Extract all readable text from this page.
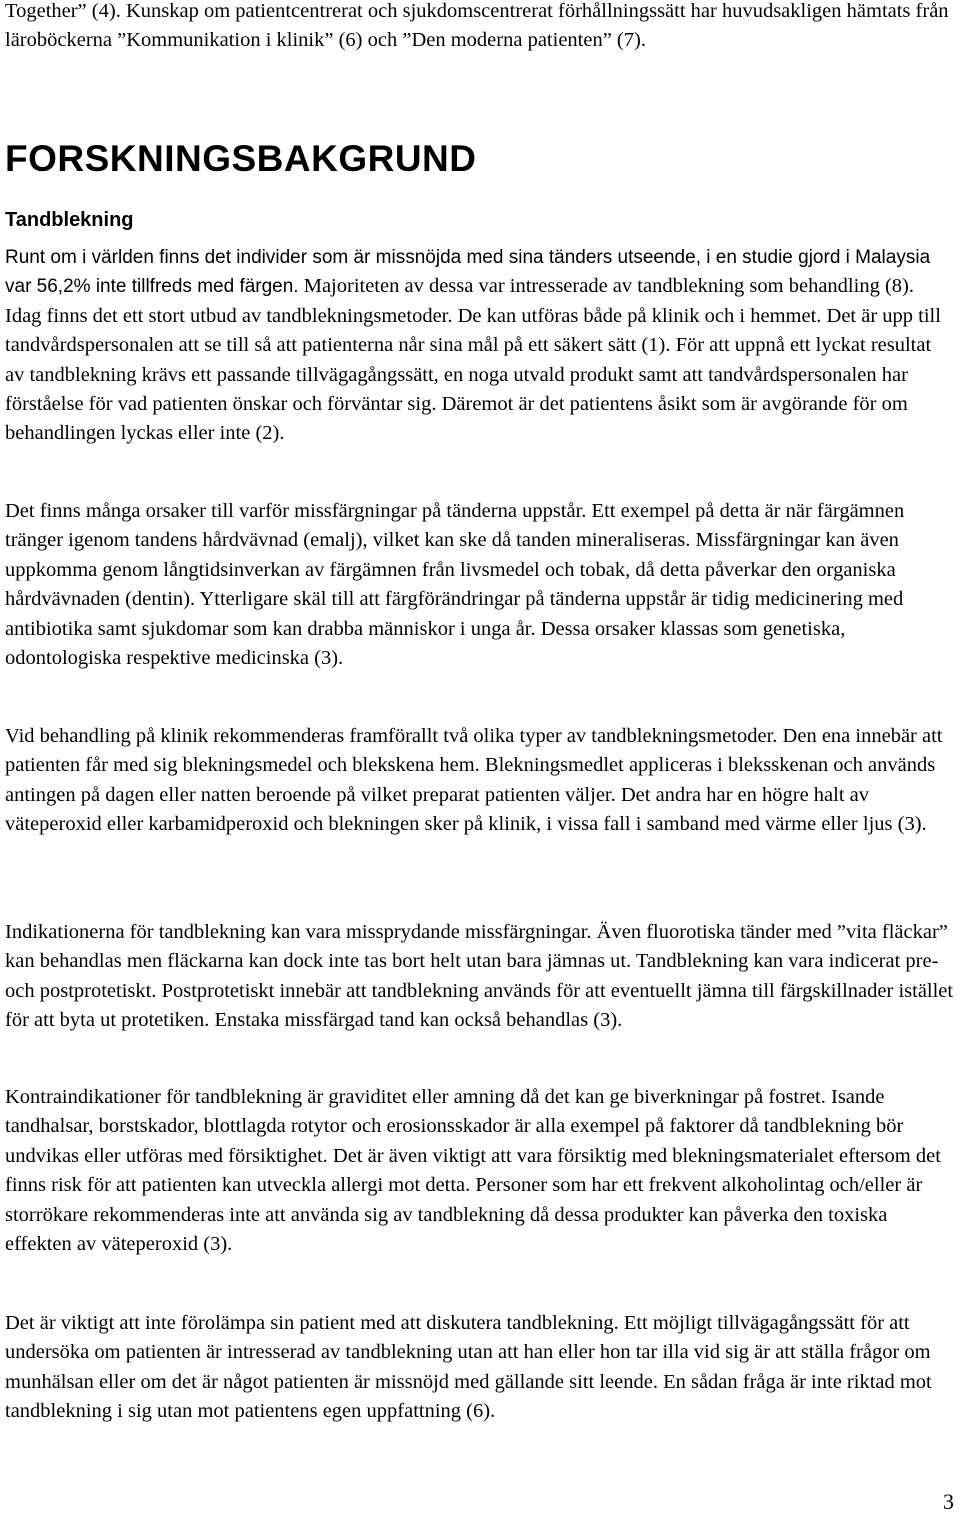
Together” (4). Kunskap om patientcentrerat och sjukdomscentrerat förhållningssätt har huvudsakligen hämtats från läroböckerna ”Kommunikation i klinik” (6) och ”Den moderna patienten” (7).

FORSKNINGSBAKGRUND
Tandblekning

Runt om i världen finns det individer som är missnöjda med sina tänders utseende, i en studie gjord i Malaysia var 56,2% inte tillfreds med färgen. Majoriteten av dessa var intresserade av tandblekning som behandling (8). Idag finns det ett stort utbud av tandblekningsmetoder. De kan utföras både på klinik och i hemmet. Det är upp till tandvårdspersonalen att se till så att patienterna når sina mål på ett säkert sätt (1). För att uppnå ett lyckat resultat av tandblekning krävs ett passande tillvägagångssätt, en noga utvald produkt samt att tandvårdspersonalen har förståelse för vad patienten önskar och förväntar sig. Däremot är det patientens åsikt som är avgörande för om behandlingen lyckas eller inte (2).

Det finns många orsaker till varför missfärgningar på tänderna uppstår. Ett exempel på detta är när färgämnen tränger igenom tandens hårdvävnad (emalj), vilket kan ske då tanden mineraliseras. Missfärgningar kan även uppkomma genom långtidsinverkan av färgämnen från livsmedel och tobak, då detta påverkar den organiska hårdvävnaden (dentin). Ytterligare skäl till att färgförändringar på tänderna uppstår är tidig medicinering med antibiotika samt sjukdomar som kan drabba människor i unga år. Dessa orsaker klassas som genetiska, odontologiska respektive medicinska (3).

Vid behandling på klinik rekommenderas framförallt två olika typer av tandblekningsmetoder. Den ena innebär att patienten får med sig blekningsmedel och blekskena hem. Blekningsmedlet appliceras i bleksskenan och används antingen på dagen eller natten beroende på vilket preparat patienten väljer. Det andra har en högre halt av väteperoxid eller karbamidperoxid och blekningen sker på klinik, i vissa fall i samband med värme eller ljus (3).

Indikationerna för tandblekning kan vara missprydande missfärgningar. Även fluorotiska tänder med ”vita fläckar” kan behandlas men fläckarna kan dock inte tas bort helt utan bara jämnas ut. Tandblekning kan vara indicerat pre- och postprotetiskt. Postprotetiskt innebär att tandblekning används för att eventuellt jämna till färgskillnader istället för att byta ut protetiken. Enstaka missfärgad tand kan också behandlas (3).

Kontraindikationer för tandblekning är graviditet eller amning då det kan ge biverkningar på fostret. Isande tandhalsar, borstskador, blottlagda rotytor och erosionsskador är alla exempel på faktorer då tandblekning bör undvikas eller utföras med försiktighet. Det är även viktigt att vara försiktig med blekningsmaterialet eftersom det finns risk för att patienten kan utveckla allergi mot detta. Personer som har ett frekvent alkoholintag och/eller är storrökare rekommenderas inte att använda sig av tandblekning då dessa produkter kan påverka den toxiska effekten av väteperoxid (3).

Det är viktigt att inte förolämpa sin patient med att diskutera tandblekning. Ett möjligt tillvägagångssätt för att undersöka om patienten är intresserad av tandblekning utan att han eller hon tar illa vid sig är att ställa frågor om munhälsan eller om det är något patienten är missnöjd med gällande sitt leende. En sådan fråga är inte riktad mot tandblekning i sig utan mot patientens egen uppfattning (6).

3
